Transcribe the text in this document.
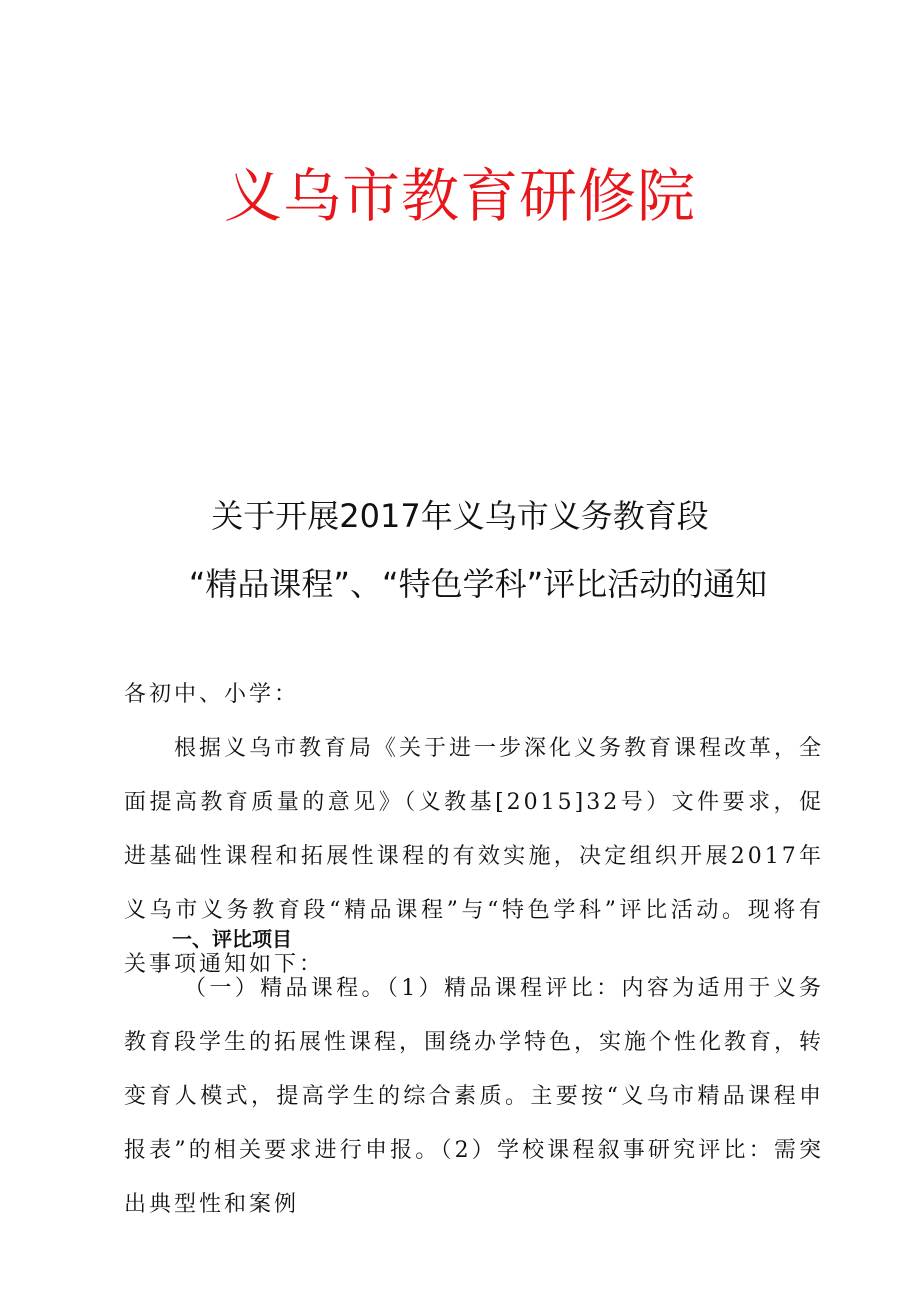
义乌市教育研修院
关于开展2017年义乌市义务教育段
“精品课程”、“特色学科”评比活动的通知

各初中、小学：

根据义乌市教育局《关于进一步深化义务教育课程改革，全面提高教育质量的意见》（义教基[2015]32号）文件要求，促进基础性课程和拓展性课程的有效实施，决定组织开展2017年义乌市义务教育段“精品课程”与“特色学科”评比活动。现将有关事项通知如下：

一、评比项目

（一）精品课程。（1）精品课程评比：内容为适用于义务教育段学生的拓展性课程，围绕办学特色，实施个性化教育，转变育人模式，提高学生的综合素质。主要按“义乌市精品课程申报表”的相关要求进行申报。（2）学校课程叙事研究评比：需突出典型性和案例
